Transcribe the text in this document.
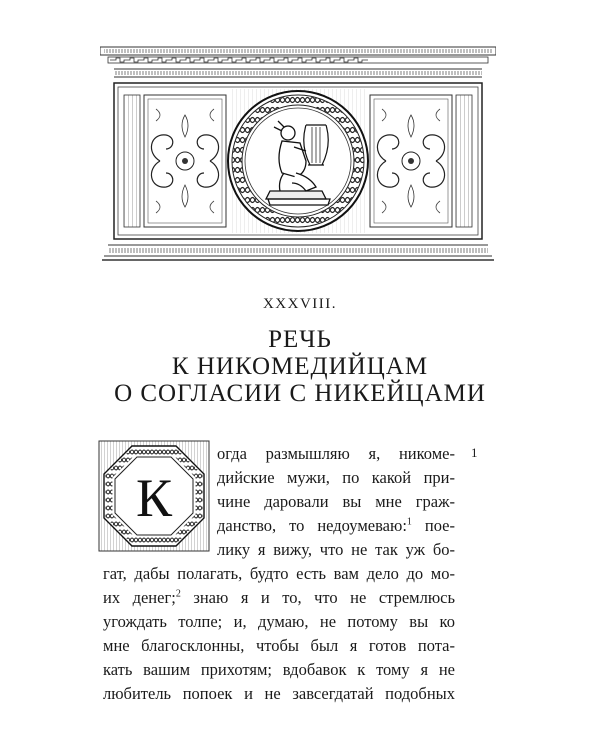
XXXVIII.
РЕЧЬ
К НИКОМЕДИЙЦАМ
О СОГЛАСИИ С НИКЕЙЦАМИ
К
1
огда размышляю я, никоме-
дийские мужи, по какой при-
чине даровали вы мне граж-
данство, то недоумеваю:$^1$ пое-
лику я вижу, что не так уж бо-
гат, дабы полагать, будто есть вам дело до мо-
их денег;$^2$ знаю я и то, что не стремлюсь
угождать толпе; и, думаю, не потому вы ко
мне благосклонны, чтобы был я готов пота-
кать вашим прихотям; вдобавок к тому я не
любитель попоек и не завсегдатай подобных
